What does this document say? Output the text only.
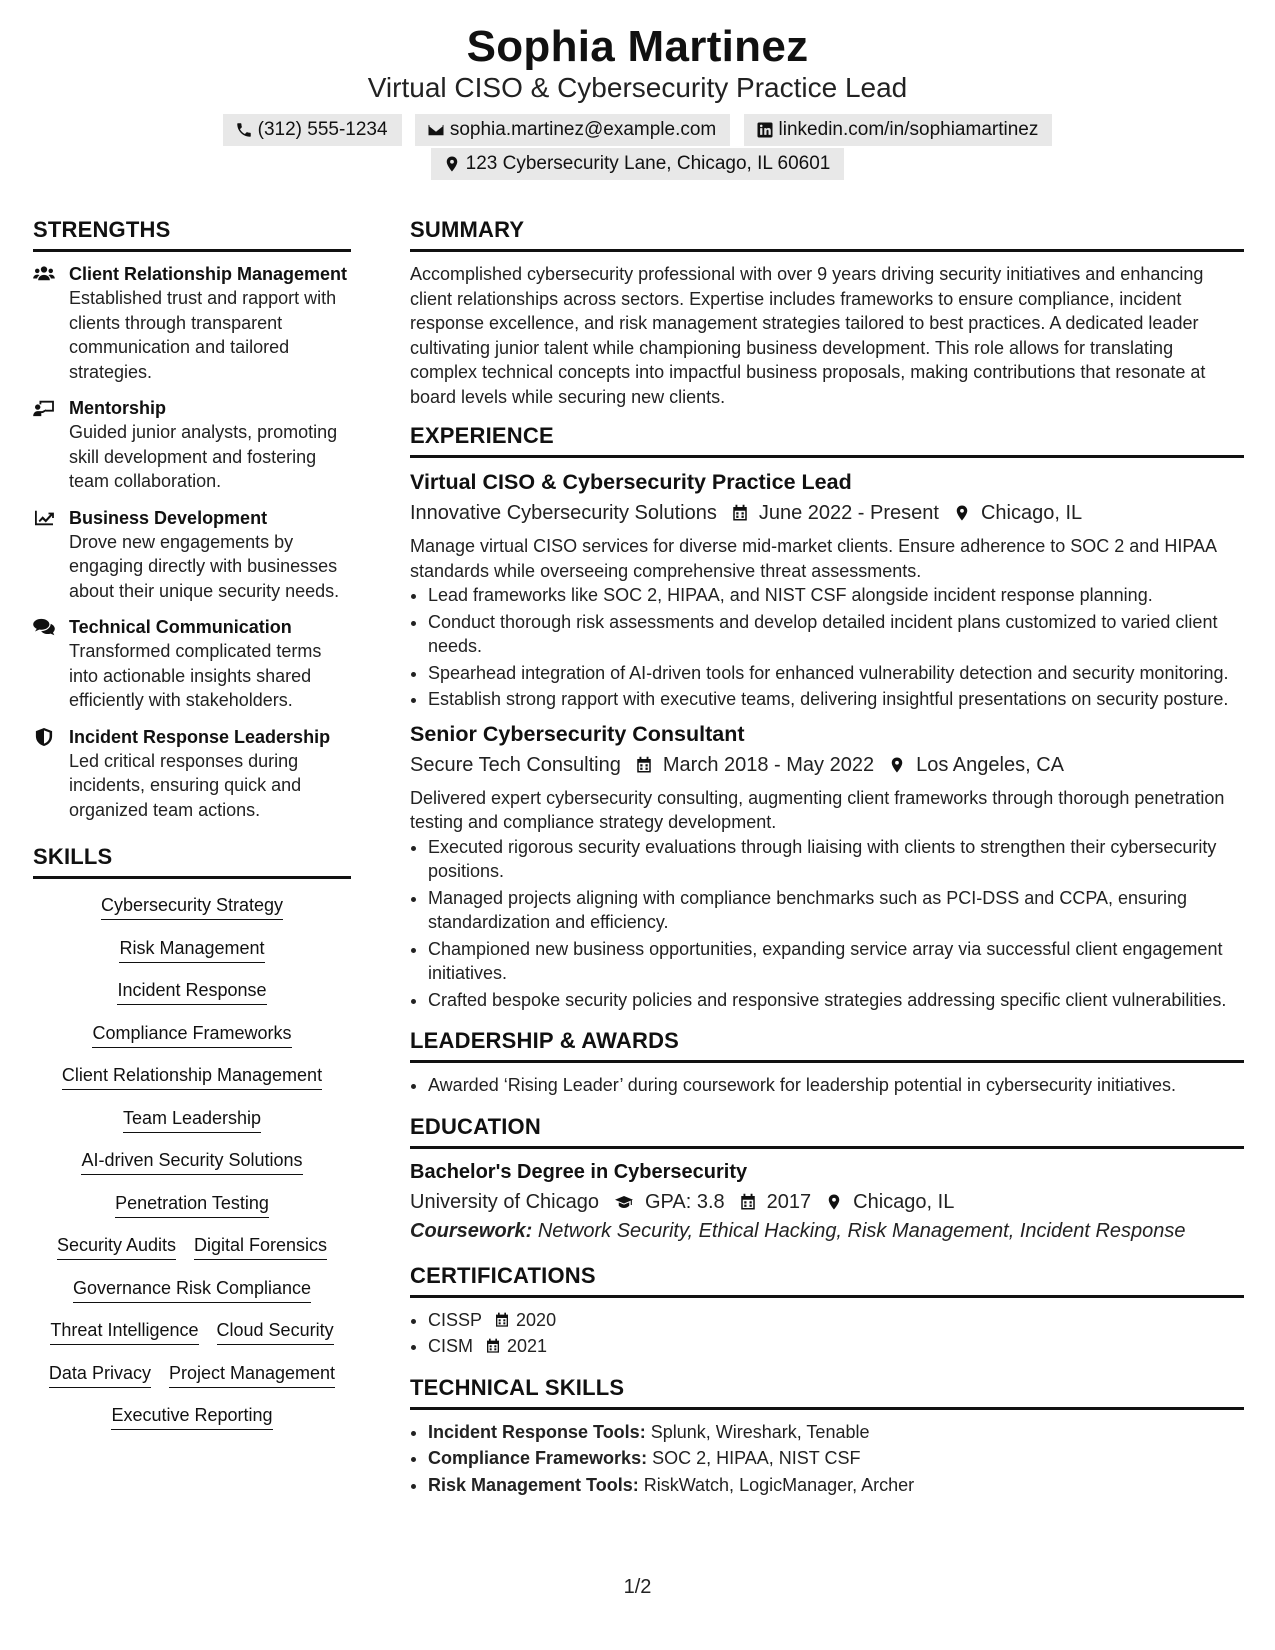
Sophia Martinez
Virtual CISO & Cybersecurity Practice Lead
(312) 555-1234
	sophia.martinez@example.com
	linkedin.com/in/sophiamartinez
123 Cybersecurity Lane, Chicago, IL 60601
STRENGTHS
Client Relationship Management
Established trust and rapport with clients through transparent communication and tailored strategies.
Mentorship
Guided junior analysts, promoting skill development and fostering team collaboration.
Business Development
Drove new engagements by engaging directly with businesses about their unique security needs.
Technical Communication
Transformed complicated terms into actionable insights shared efficiently with stakeholders.
Incident Response Leadership
Led critical responses during incidents, ensuring quick and organized team actions.
SKILLS
Cybersecurity Strategy
Risk Management
Incident Response
Compliance Frameworks
Client Relationship Management
Team Leadership
AI-driven Security Solutions
Penetration Testing
Security Audits Digital Forensics
Governance Risk Compliance
Threat Intelligence Cloud Security
Data Privacy Project Management
Executive Reporting
SUMMARY
Accomplished cybersecurity professional with over 9 years driving security initiatives and enhancing client relationships across sectors. Expertise includes frameworks to ensure compliance, incident response excellence, and risk management strategies tailored to best practices. A dedicated leader cultivating junior talent while championing business development. This role allows for translating complex technical concepts into impactful business proposals, making contributions that resonate at board levels while securing new clients.
EXPERIENCE
Virtual CISO & Cybersecurity Practice Lead
Innovative Cybersecurity Solutions June 2022 - Present Chicago, IL
Manage virtual CISO services for diverse mid-market clients. Ensure adherence to SOC 2 and HIPAA standards while overseeing comprehensive threat assessments.
• Lead frameworks like SOC 2, HIPAA, and NIST CSF alongside incident response planning.
• Conduct thorough risk assessments and develop detailed incident plans customized to varied client needs.
• Spearhead integration of AI-driven tools for enhanced vulnerability detection and security monitoring.
• Establish strong rapport with executive teams, delivering insightful presentations on security posture.
Senior Cybersecurity Consultant
Secure Tech Consulting March 2018 - May 2022 Los Angeles, CA
Delivered expert cybersecurity consulting, augmenting client frameworks through thorough penetration testing and compliance strategy development.
• Executed rigorous security evaluations through liaising with clients to strengthen their cybersecurity positions.
• Managed projects aligning with compliance benchmarks such as PCI-DSS and CCPA, ensuring standardization and efficiency.
• Championed new business opportunities, expanding service array via successful client engagement initiatives.
• Crafted bespoke security policies and responsive strategies addressing specific client vulnerabilities.
LEADERSHIP & AWARDS
• Awarded ‘Rising Leader’ during coursework for leadership potential in cybersecurity initiatives.
EDUCATION
Bachelor's Degree in Cybersecurity
University of Chicago GPA: 3.8 2017 Chicago, IL
Coursework: Network Security, Ethical Hacking, Risk Management, Incident Response
CERTIFICATIONS
• CISSP 2020
• CISM 2021
TECHNICAL SKILLS
• Incident Response Tools: Splunk, Wireshark, Tenable
• Compliance Frameworks: SOC 2, HIPAA, NIST CSF
• Risk Management Tools: RiskWatch, LogicManager, Archer
1/2
